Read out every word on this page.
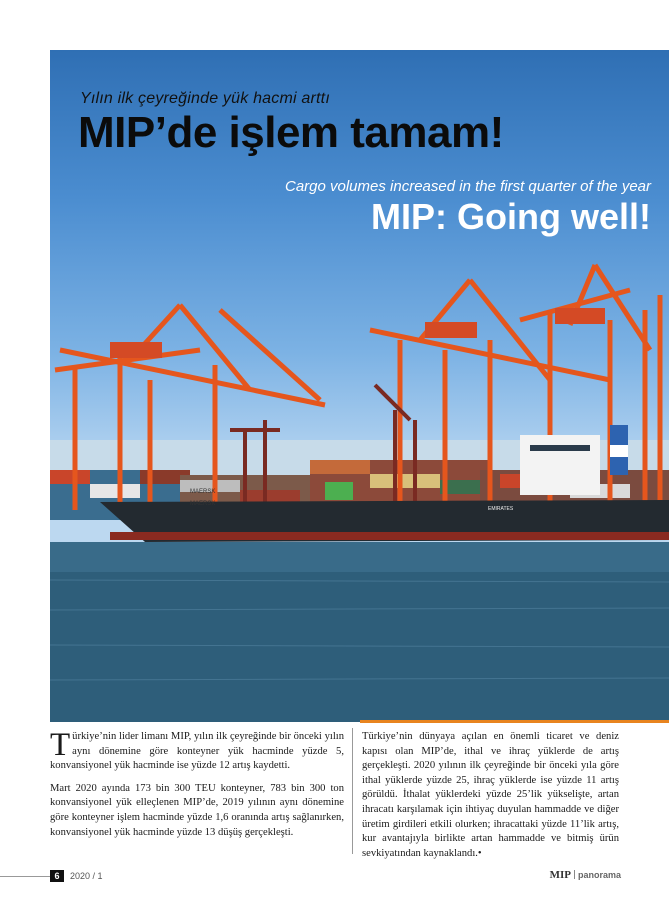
MAERSK
MAERSK
EMIRATES
Yılın ilk çeyreğinde yük hacmi arttı
MIP’de işlem tamam!
Cargo volumes increased in the first quarter of the year
MIP: Going well!

Türkiye’nin lider limanı MIP, yılın ilk çeyreğinde bir önceki yılın aynı dönemine göre konteyner yük hacminde yüzde 5, konvansiyonel yük hacminde ise yüzde 12 artış kaydetti.

Mart 2020 ayında 173 bin 300 TEU konteyner, 783 bin 300 ton konvansiyonel yük elleçlenen MIP’de, 2019 yılının aynı dönemine göre konteyner işlem hacminde yüzde 1,6 oranında artış sağlanırken, konvansiyonel yük hacminde yüzde 13 düşüş gerçekleşti.

Türkiye’nin dünyaya açılan en önemli ticaret ve deniz kapısı olan MIP’de, ithal ve ihraç yüklerde de artış gerçekleşti. 2020 yılının ilk çeyreğinde bir önceki yıla göre ithal yüklerde yüzde 25, ihraç yüklerde ise yüzde 11 artış görüldü. İthalat yüklerdeki yüzde 25’lik yükselişte, artan ihracatı karşılamak için ihtiyaç duyulan hammadde ve diğer üretim girdileri etkili olurken; ihracattaki yüzde 11’lik artış, kur avantajıyla birlikte artan hammadde ve bitmiş ürün sevkiyatından kaynaklandı.•

6	2020 / 1	MIP panorama
